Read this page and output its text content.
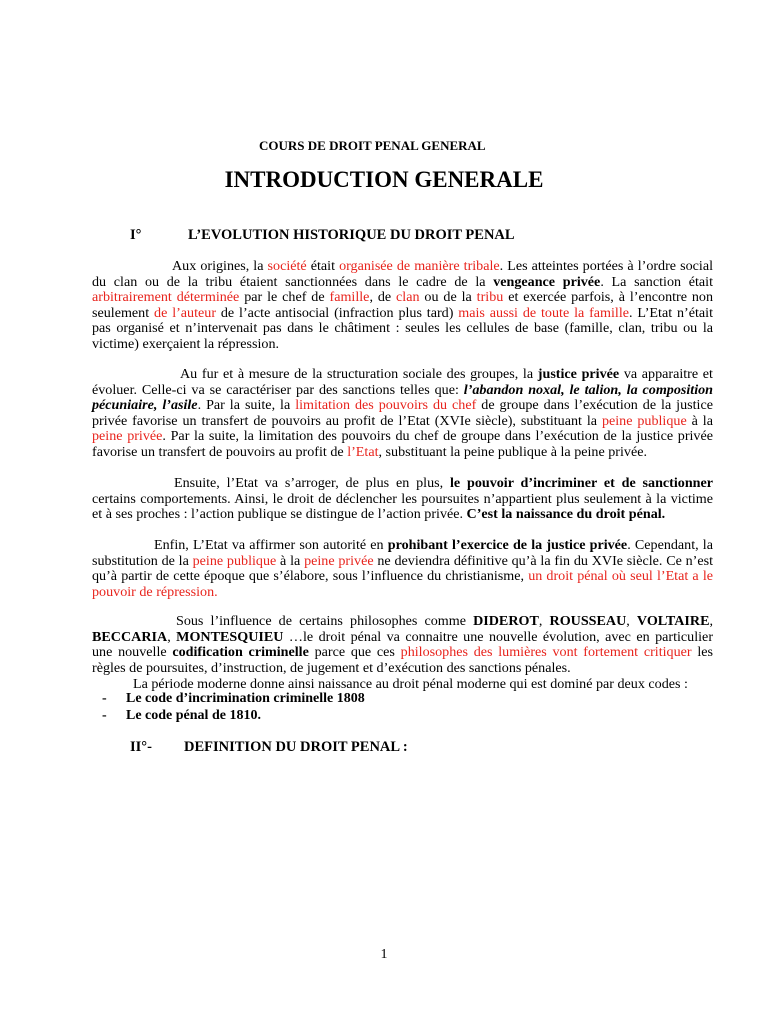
COURS DE DROIT PENAL GENERAL
INTRODUCTION GENERALE
I°	L’EVOLUTION HISTORIQUE DU DROIT PENAL
Aux origines, la société était organisée de manière tribale. Les atteintes portées à l’ordre social du clan ou de la tribu étaient sanctionnées dans le cadre de la vengeance privée. La sanction était arbitrairement déterminée par le chef de famille, de clan ou de la tribu et exercée parfois, à l’encontre non seulement de l’auteur de l’acte antisocial (infraction plus tard) mais aussi de toute la famille. L’Etat n’était pas organisé et n’intervenait pas dans le châtiment : seules les cellules de base (famille, clan, tribu ou la victime) exerçaient la répression.
Au fur et à mesure de la structuration sociale des groupes, la justice privée va apparaitre et évoluer. Celle-ci va se caractériser par des sanctions telles que: l’abandon noxal, le talion, la composition pécuniaire, l’asile. Par la suite, la limitation des pouvoirs du chef de groupe dans l’exécution de la justice privée favorise un transfert de pouvoirs au profit de l’Etat (XVIe siècle), substituant la peine publique à la peine privée. Par la suite, la limitation des pouvoirs du chef de groupe dans l’exécution de la justice privée favorise un transfert de pouvoirs au profit de l’Etat, substituant la peine publique à la peine privée.
Ensuite, l’Etat va s’arroger, de plus en plus, le pouvoir d’incriminer et de sanctionner certains comportements. Ainsi, le droit de déclencher les poursuites n’appartient plus seulement à la victime et à ses proches : l’action publique se distingue de l’action privée. C’est la naissance du droit pénal.
Enfin, L’Etat va affirmer son autorité en prohibant l’exercice de la justice privée. Cependant, la substitution de la peine publique à la peine privée ne deviendra définitive qu’à la fin du XVIe siècle. Ce n’est qu’à partir de cette époque que s’élabore, sous l’influence du christianisme, un droit pénal où seul l’Etat a le pouvoir de répression.
Sous l’influence de certains philosophes comme DIDEROT, ROUSSEAU, VOLTAIRE, BECCARIA, MONTESQUIEU …le droit pénal va connaitre une nouvelle évolution, avec en particulier une nouvelle codification criminelle parce que ces philosophes des lumières vont fortement critiquer les règles de poursuites, d’instruction, de jugement et d’exécution des sanctions pénales.
La période moderne donne ainsi naissance au droit pénal moderne qui est dominé par deux codes :
- Le code d’incrimination criminelle 1808
- Le code pénal de 1810.
II°- DEFINITION DU DROIT PENAL :
1
